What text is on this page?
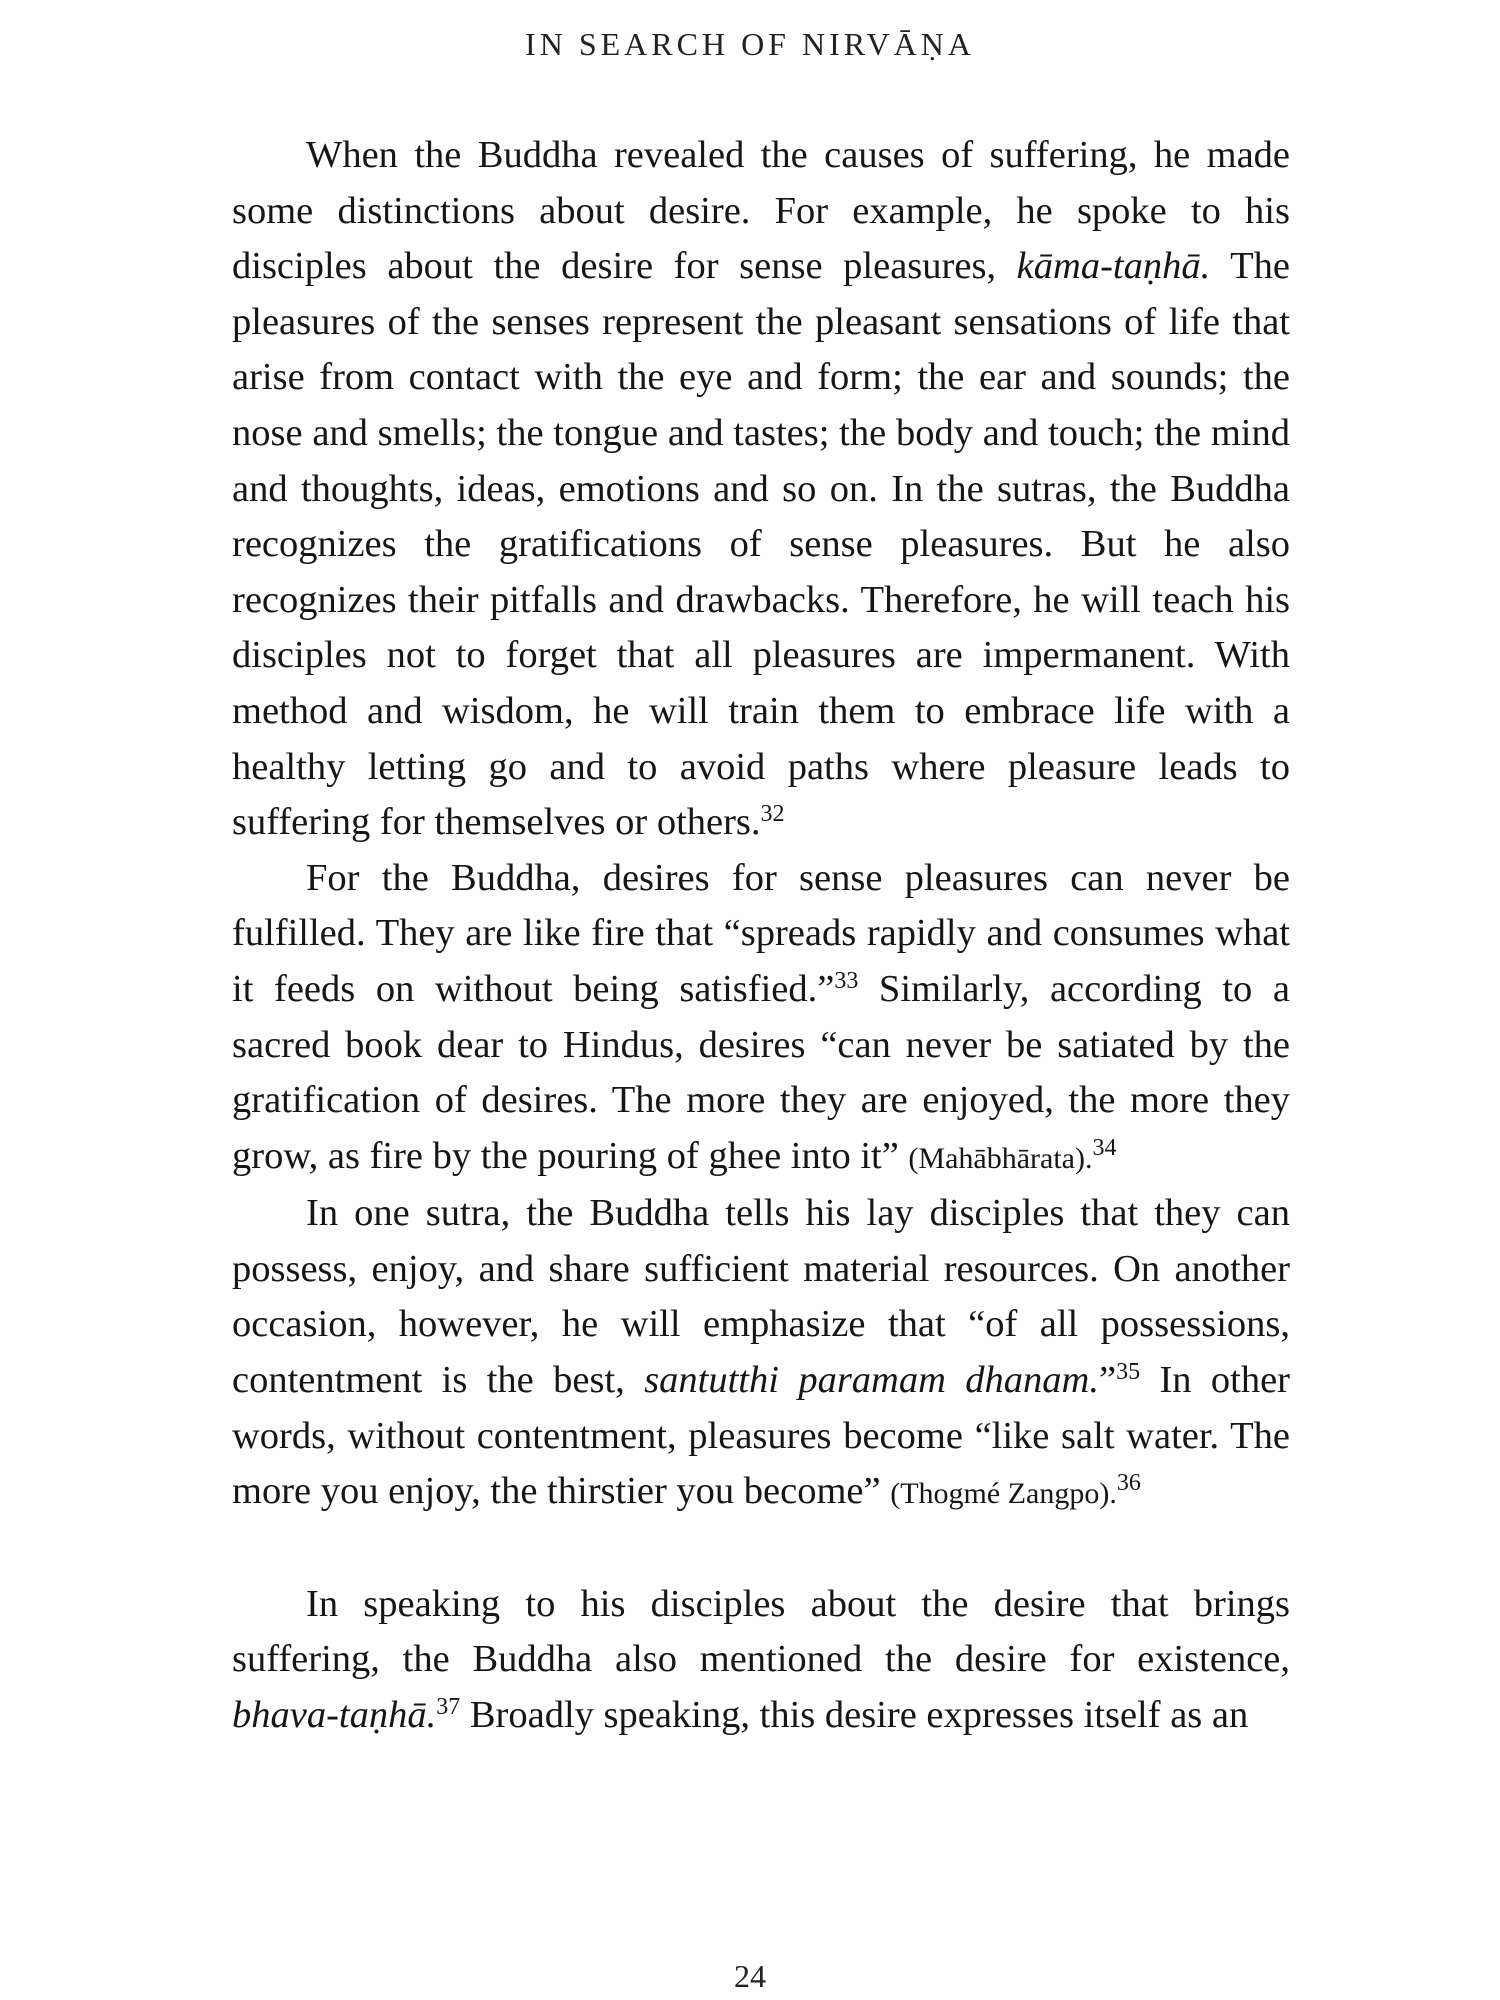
IN SEARCH OF NIRVĀṆA

When the Buddha revealed the causes of suffering, he made some distinctions about desire. For example, he spoke to his disciples about the desire for sense pleasures, kāma-taṇhā. The pleasures of the senses represent the pleasant sensations of life that arise from contact with the eye and form; the ear and sounds; the nose and smells; the tongue and tastes; the body and touch; the mind and thoughts, ideas, emotions and so on. In the sutras, the Buddha recognizes the gratifications of sense pleasures. But he also recognizes their pitfalls and drawbacks. Therefore, he will teach his disciples not to forget that all pleasures are impermanent. With method and wisdom, he will train them to embrace life with a healthy letting go and to avoid paths where pleasure leads to suffering for themselves or others.$^{32}$

For the Buddha, desires for sense pleasures can never be fulfilled. They are like fire that “spreads rapidly and consumes what it feeds on without being satisfied.”$^{33}$ Similarly, according to a sacred book dear to Hindus, desires “can never be satiated by the gratification of desires. The more they are enjoyed, the more they grow, as fire by the pouring of ghee into it” (Mahābhārata).$^{34}$

In one sutra, the Buddha tells his lay disciples that they can possess, enjoy, and share sufficient material resources. On another occasion, however, he will emphasize that “of all possessions, contentment is the best, santutthi paramam dhanam.”$^{35}$ In other words, without contentment, pleasures become “like salt water. The more you enjoy, the thirstier you become” (Thogmé Zangpo).$^{36}$

In speaking to his disciples about the desire that brings suffering, the Buddha also mentioned the desire for existence, bhava-taṇhā.$^{37}$ Broadly speaking, this desire expresses itself as an

24
